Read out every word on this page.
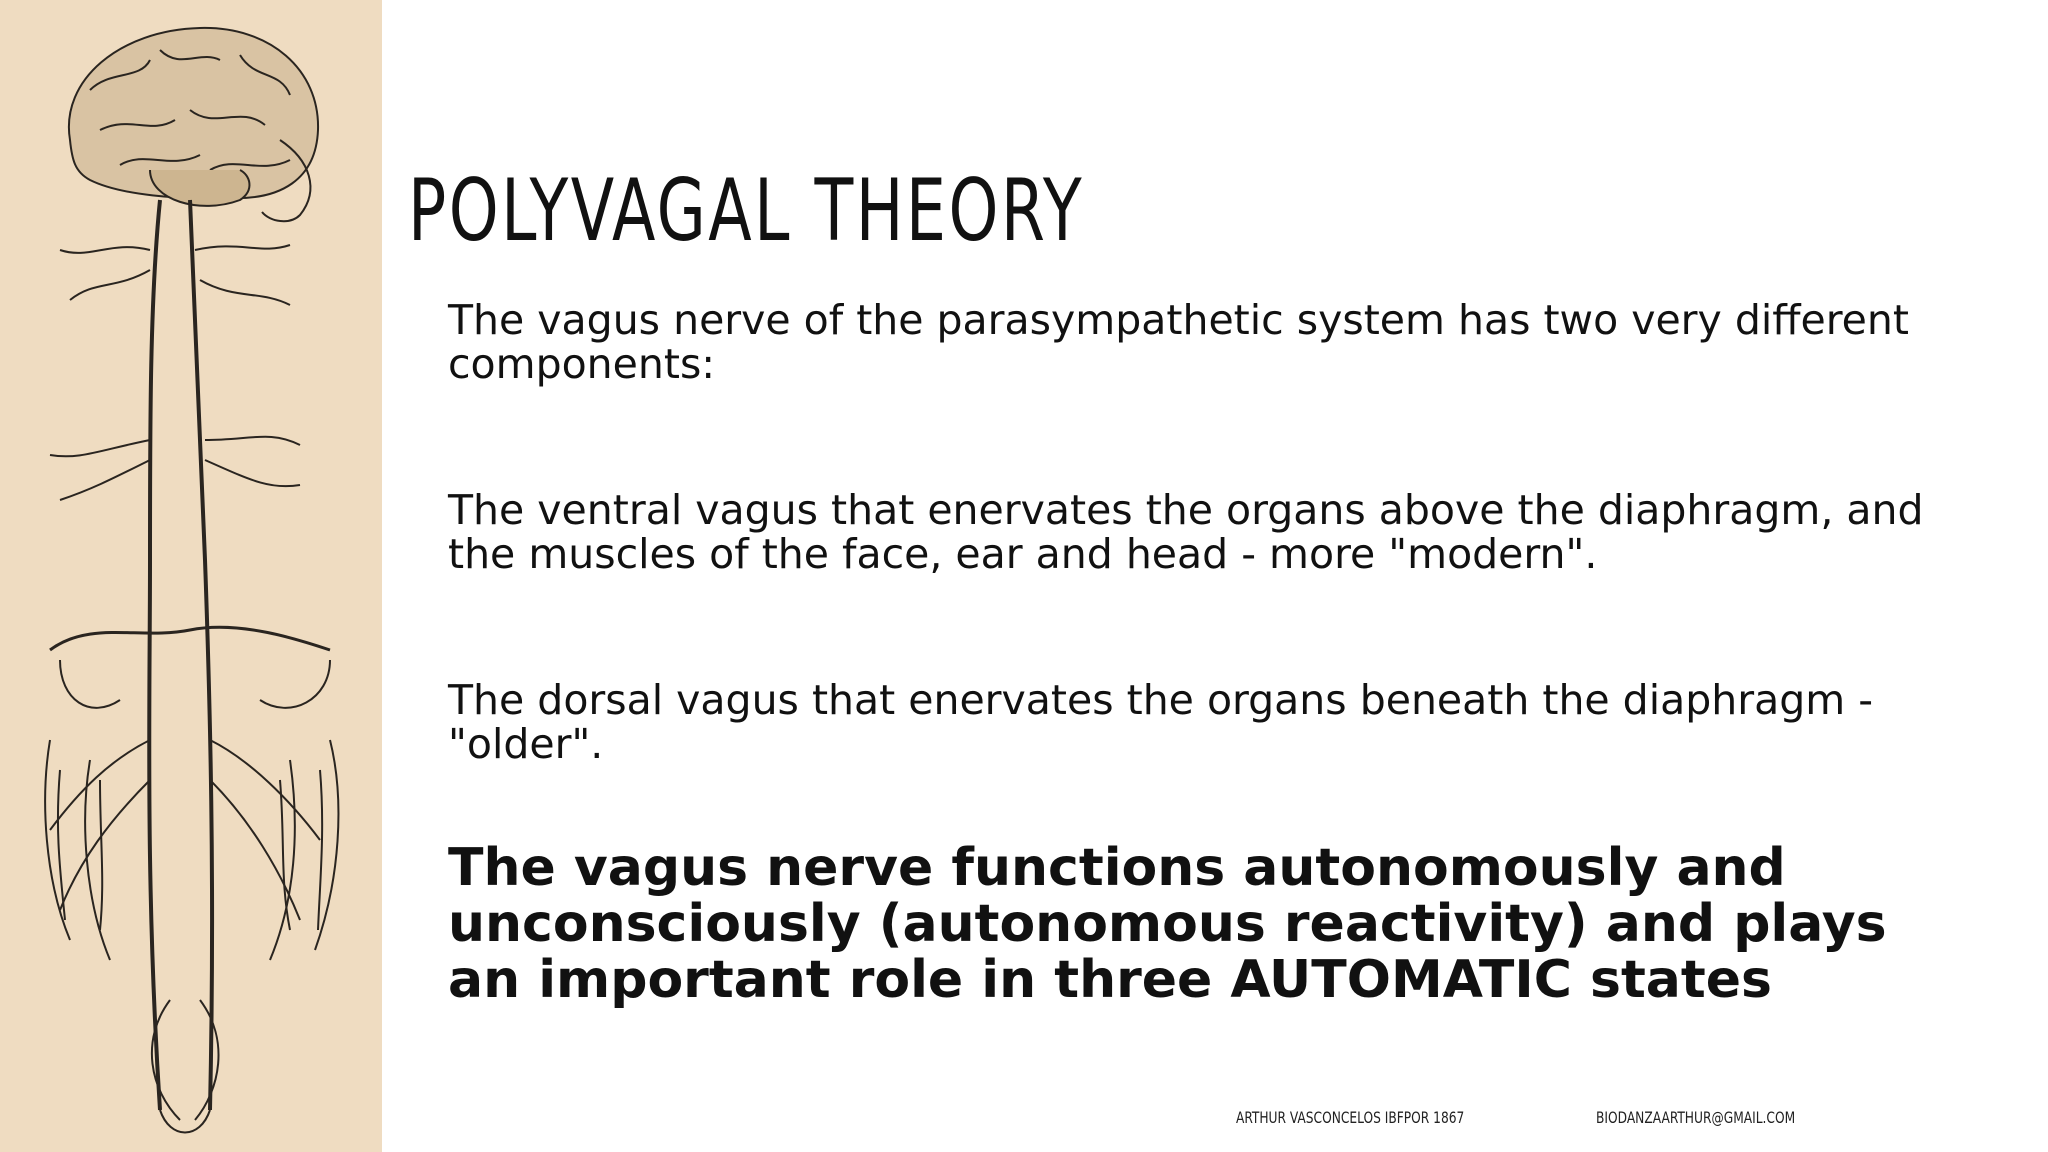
POLYVAGAL THEORY

The vagus nerve of the parasympathetic system has two very different components:

The ventral vagus that enervates the organs above the diaphragm, and the muscles of the face, ear and head - more "modern".

The dorsal vagus that enervates the organs beneath the diaphragm - "older".

The vagus nerve functions autonomously and unconsciously (autonomous reactivity) and plays an important role in three AUTOMATIC states

ARTHUR VASCONCELOS IBFPOR 1867	BIODANZAARTHUR@GMAIL.COM
